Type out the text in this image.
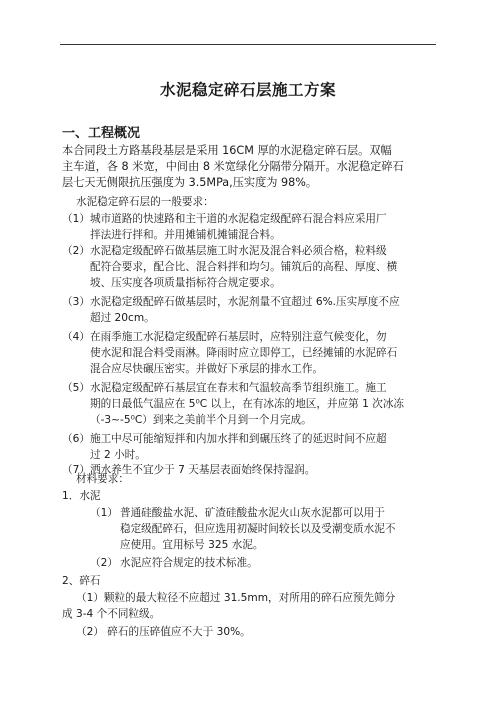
水泥稳定碎石层施工方案
一、工程概况
本合同段土方路基段基层是采用 16CM 厚的水泥稳定碎石层。双幅
主车道，各 8 米宽，中间由 8 米宽绿化分隔带分隔开。水泥稳定碎石
层七天无侧限抗压强度为 3.5MPa,压实度为 98%。
水泥稳定碎石层的一般要求：
（1）城市道路的快速路和主干道的水泥稳定级配碎石混合料应采用厂
拌法进行拌和。并用摊铺机摊铺混合料。
（2）水泥稳定级配碎石做基层施工时水泥及混合料必须合格，粒料级
配符合要求，配合比、混合料拌和均匀。铺筑后的高程、厚度、横
坡、压实度各项质量指标符合规定要求。
（3）水泥稳定级配碎石做基层时，水泥剂量不宜超过 6%.压实厚度不应
超过 20cm。
（4）在雨季施工水泥稳定级配碎石基层时，应特别注意气候变化，勿
使水泥和混合料受雨淋。降雨时应立即停工，已经摊铺的水泥碎石
混合应尽快碾压密实。并做好下承层的排水工作。
（5）水泥稳定级配碎石基层宜在春末和气温较高季节组织施工。施工
期的日最低气温应在 5⁰C 以上，在有冰冻的地区，并应第 1 次冰冻
（-3~-5⁰C）到来之美前半个月到一个月完成。
（6）施工中尽可能缩短拌和内加水拌和到碾压终了的延迟时间不应超
过 2 小时。
（7）洒水养生不宜少于 7 天基层表面始终保持湿润。
材料要求：
1．水泥
（1） 普通硅酸盐水泥、矿渣硅酸盐水泥火山灰水泥都可以用于
稳定级配碎石，但应选用初凝时间较长以及受潮变质水泥不
应使用。宜用标号 325 水泥。
（2） 水泥应符合规定的技术标准。
2、碎石
（1）颗粒的最大粒径不应超过 31.5mm，对所用的碎石应预先筛分
成 3-4 个不同粒级。
（2） 碎石的压碎值应不大于 30%。
